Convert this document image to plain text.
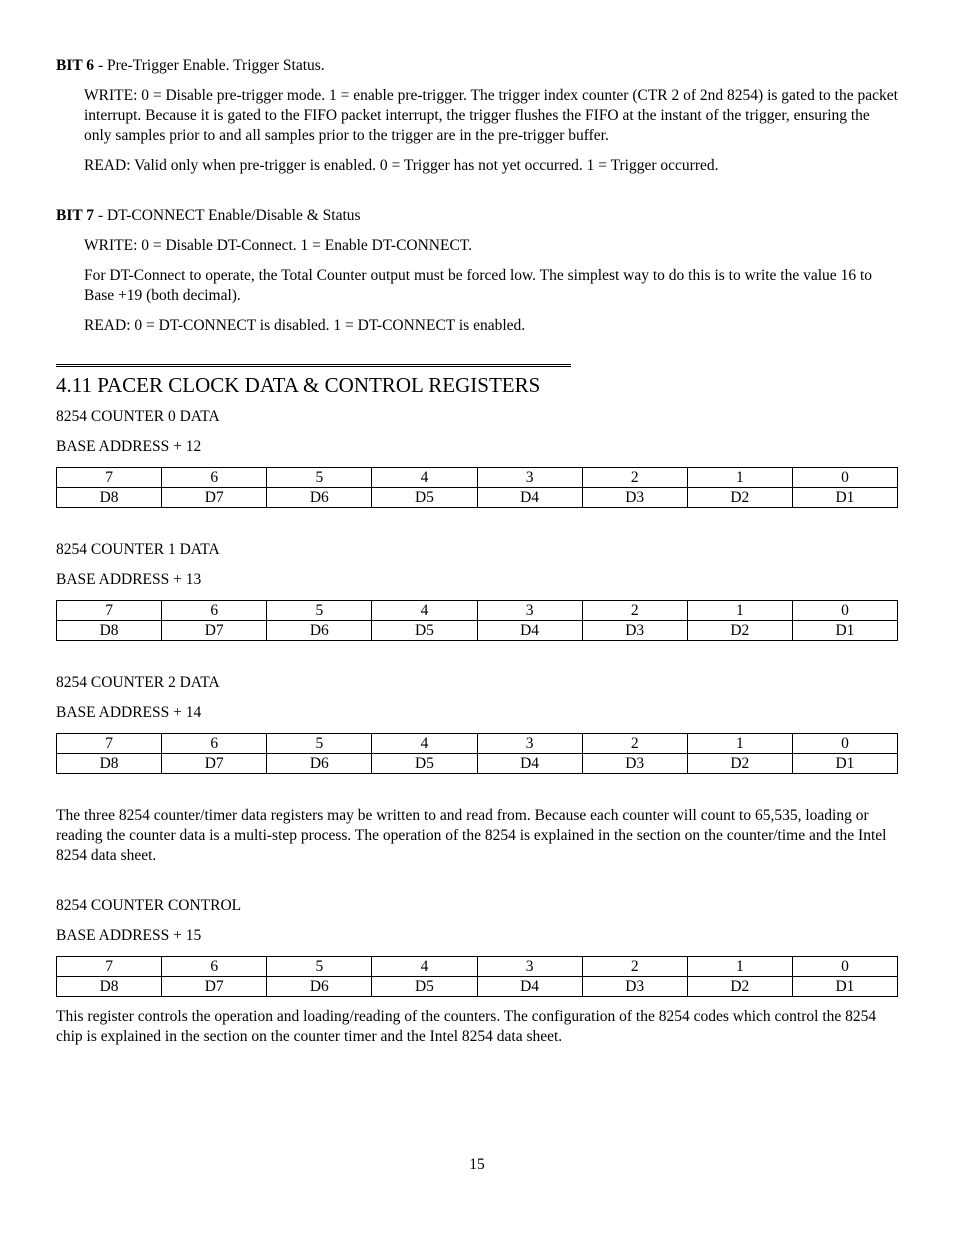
BIT 6 - Pre-Trigger Enable. Trigger Status.

WRITE: 0 = Disable pre-trigger mode. 1 = enable pre-trigger. The trigger index counter (CTR 2 of 2nd 8254) is gated to the packet interrupt. Because it is gated to the FIFO packet interrupt, the trigger flushes the FIFO at the instant of the trigger, ensuring the only samples prior to and all samples prior to the trigger are in the pre-trigger buffer.

READ: Valid only when pre-trigger is enabled. 0 = Trigger has not yet occurred. 1 = Trigger occurred.

BIT 7 - DT-CONNECT Enable/Disable & Status

WRITE: 0 = Disable DT-Connect. 1 = Enable DT-CONNECT.

For DT-Connect to operate, the Total Counter output must be forced low. The simplest way to do this is to write the value 16 to Base +19 (both decimal).

READ: 0 = DT-CONNECT is disabled. 1 = DT-CONNECT is enabled.

4.11 PACER CLOCK DATA & CONTROL REGISTERS

8254 COUNTER 0 DATA

BASE ADDRESS + 12

7	6	5	4	3	2	1	0
D8	D7	D6	D5	D4	D3	D2	D1

8254 COUNTER 1 DATA

BASE ADDRESS + 13

7	6	5	4	3	2	1	0
D8	D7	D6	D5	D4	D3	D2	D1

8254 COUNTER 2 DATA

BASE ADDRESS + 14

7	6	5	4	3	2	1	0
D8	D7	D6	D5	D4	D3	D2	D1

The three 8254 counter/timer data registers may be written to and read from. Because each counter will count to 65,535, loading or reading the counter data is a multi-step process. The operation of the 8254 is explained in the section on the counter/time and the Intel 8254 data sheet.

8254 COUNTER CONTROL

BASE ADDRESS + 15

7	6	5	4	3	2	1	0
D8	D7	D6	D5	D4	D3	D2	D1

This register controls the operation and loading/reading of the counters. The configuration of the 8254 codes which control the 8254 chip is explained in the section on the counter timer and the Intel 8254 data sheet.

15
